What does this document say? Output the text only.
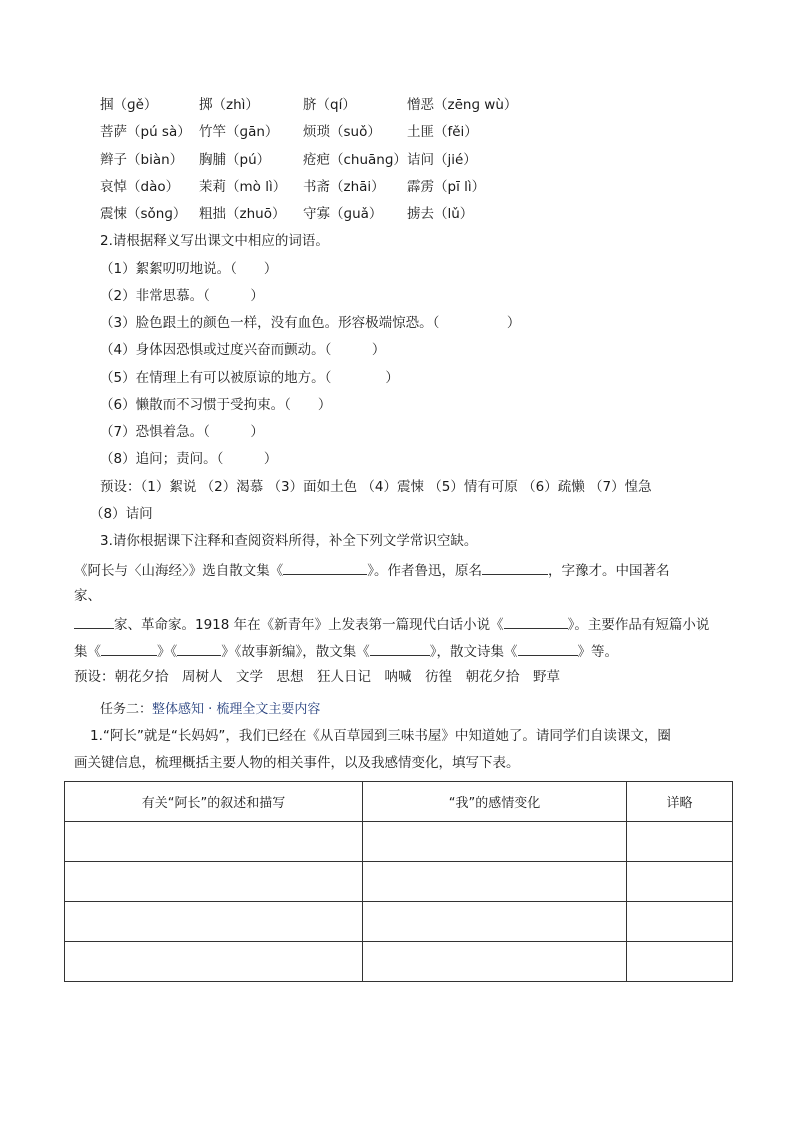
掴（ɡě）	掷（zhì）	脐（qí）	憎恶（zēnɡ wù）
菩萨（pú sà） 竹竿（ɡān） 烦琐（suǒ） 土匪（fěi）
辫子（biàn） 胸脯（pú） 疮疤（chuānɡ） 诘问（jié）
哀悼（dào） 茉莉（mò lì） 书斋（zhāi） 霹雳（pī lì）
震悚（sǒnɡ） 粗拙（zhuō） 守寡（ɡuǎ） 掳去（lǔ）
2.请根据释义写出课文中相应的词语。
（1）絮絮叨叨地说。（　　）
（2）非常思慕。（　　　）
（3）脸色跟土的颜色一样，没有血色。形容极端惊恐。（　　　　　）
（4）身体因恐惧或过度兴奋而颤动。（　　　）
（5）在情理上有可以被原谅的地方。（　　　　）
（6）懒散而不习惯于受拘束。（　　）
（7）恐惧着急。（　　　）
（8）追问；责问。（　　　）
预设：（1）絮说 （2）渴慕 （3）面如土色 （4）震悚 （5）情有可原 （6）疏懒 （7）惶急
（8）诘问
3.请你根据课下注释和查阅资料所得，补全下列文学常识空缺。
《阿长与〈山海经〉》选自散文集《	》。作者鲁迅，原名	，字豫才。中国著名
家、
家、革命家。1918 年在《新青年》上发表第一篇现代白话小说《	》。主要作品有短篇小说
集《	》《	》《故事新编》，散文集《	》，散文诗集《	》等。
预设：朝花夕拾　周树人　文学　思想　狂人日记　呐喊　彷徨　朝花夕拾　野草
任务二：整体感知 · 梳理全文主要内容
1.“阿长”就是“长妈妈”，我们已经在《从百草园到三味书屋》中知道她了。请同学们自读课文，圈
画关键信息，梳理概括主要人物的相关事件，以及我感情变化，填写下表。
有关“阿长”的叙述和描写	“我”的感情变化	详略
